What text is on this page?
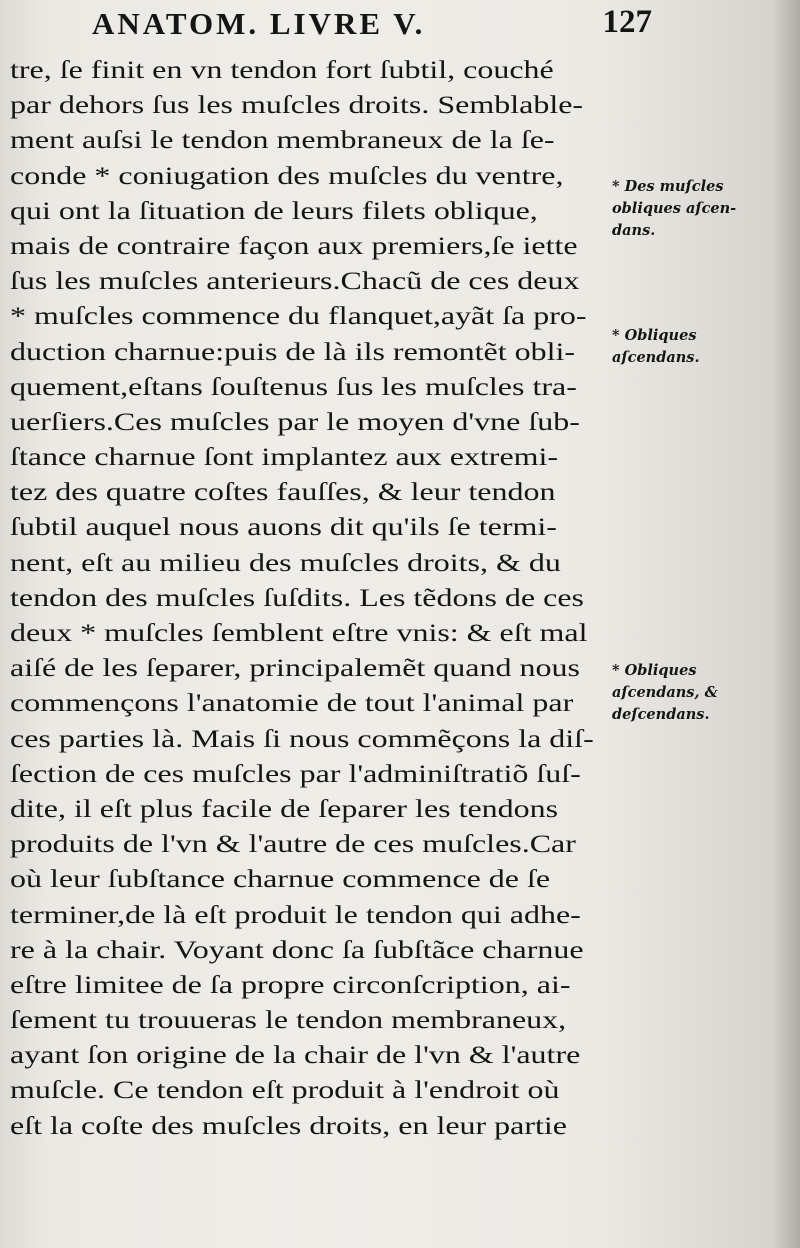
ANATOM. LIVRE V.	127
tre, ſe finit en vn tendon fort ſubtil, couché
par dehors ſus les muſcles droits. Semblable-
ment auſsi le tendon membraneux de la ſe-
conde * coniugation des muſcles du ventre,
qui ont la ſituation de leurs filets oblique,
mais de contraire façon aux premiers,ſe iette
ſus les muſcles anterieurs.Chacũ de ces deux
* muſcles commence du flanquet,ayãt ſa pro-
duction charnue:puis de là ils remontẽt obli-
quement,eſtans ſouſtenus ſus les muſcles tra-
uerſiers.Ces muſcles par le moyen d'vne ſub-
ſtance charnue ſont implantez aux extremi-
tez des quatre coſtes fauſſes, & leur tendon
ſubtil auquel nous auons dit qu'ils ſe termi-
nent, eſt au milieu des muſcles droits, & du
tendon des muſcles ſuſdits. Les tẽdons de ces
deux * muſcles ſemblent eſtre vnis: & eſt mal
aiſé de les ſeparer, principalemẽt quand nous
commençons l'anatomie de tout l'animal par
ces parties là. Mais ſi nous commẽçons la diſ-
ſection de ces muſcles par l'adminiſtratiõ ſuſ-
dite, il eſt plus facile de ſeparer les tendons
produits de l'vn & l'autre de ces muſcles.Car
où leur ſubſtance charnue commence de ſe
terminer,de là eſt produit le tendon qui adhe-
re à la chair. Voyant donc ſa ſubſtãce charnue
eſtre limitee de ſa propre circonſcription, ai-
ſement tu trouueras le tendon membraneux,
ayant ſon origine de la chair de l'vn & l'autre
muſcle. Ce tendon eſt produit à l'endroit où
eſt la coſte des muſcles droits, en leur partie
* Des muſcles
obliques aſcen-
dans.
* Obliques
aſcendans.
* Obliques
aſcendans, &
deſcendans.
